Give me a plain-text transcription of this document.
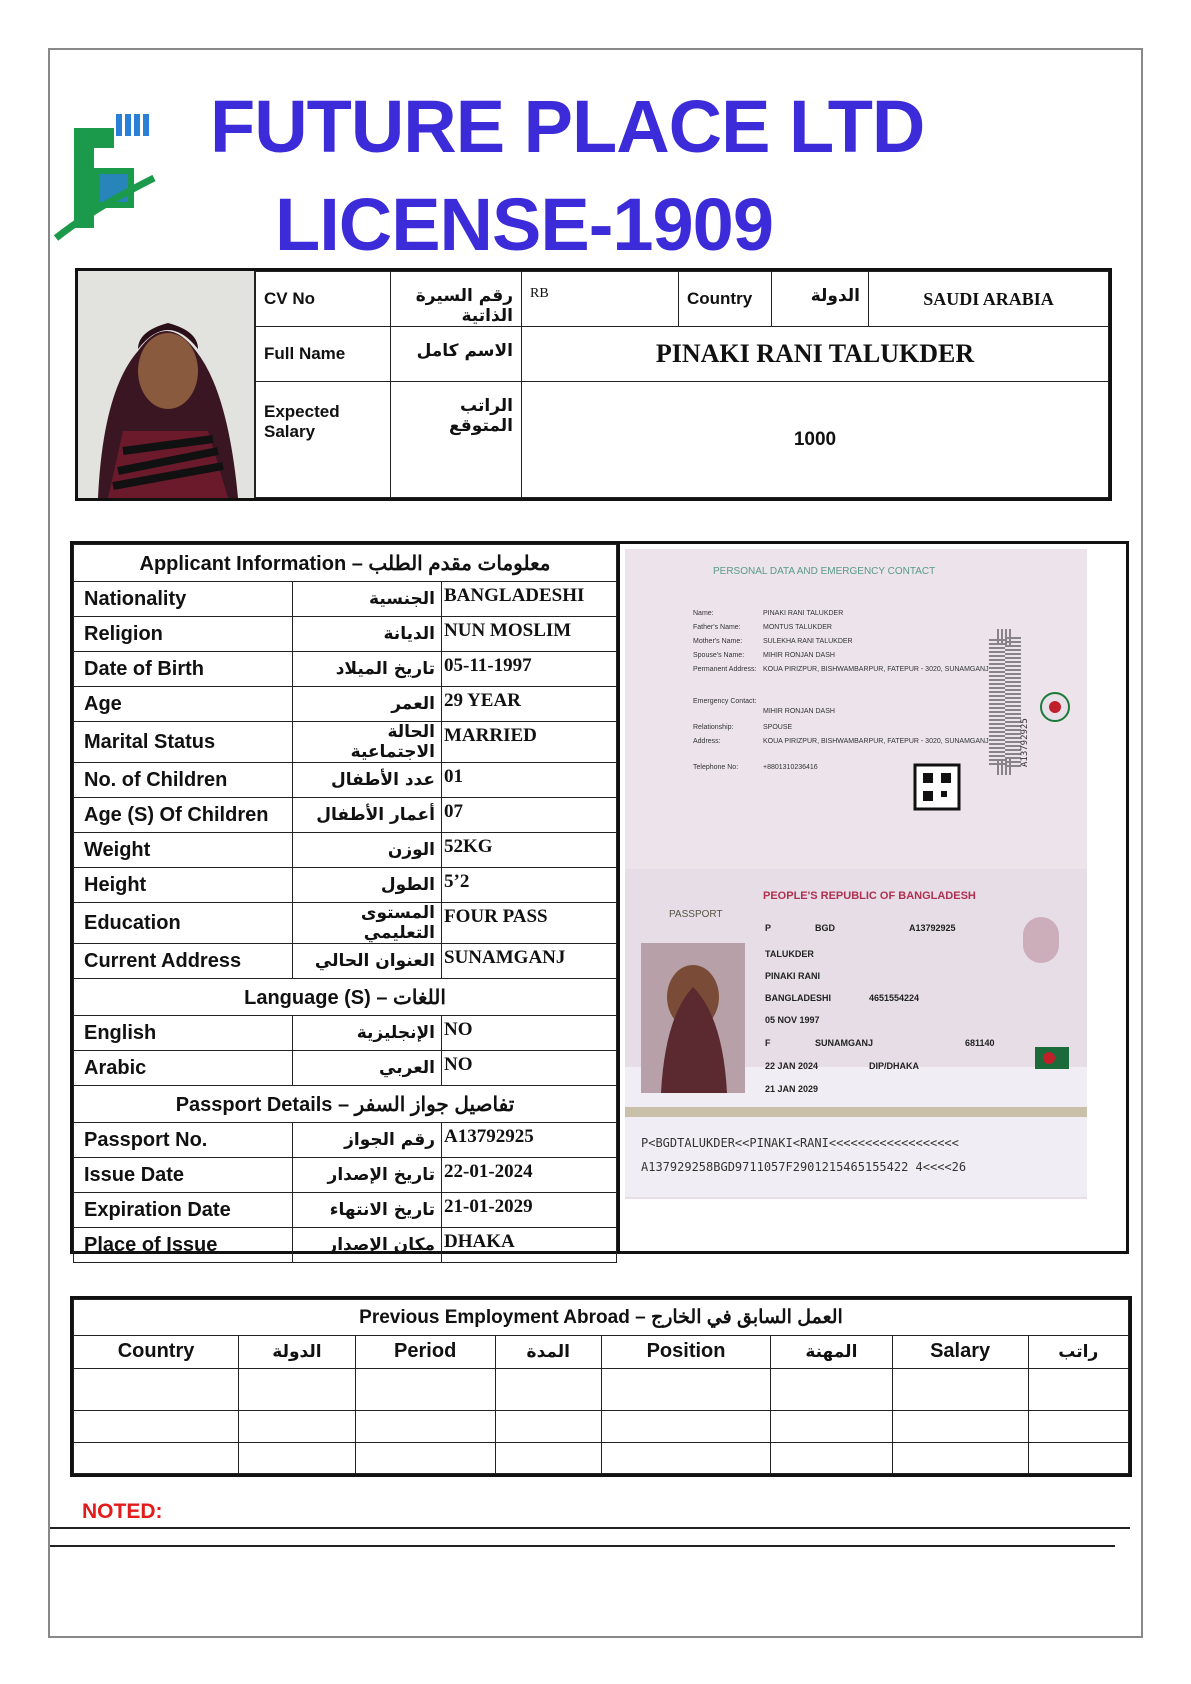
FUTURE PLACE LTD
LICENSE-1909
CV No	رقم السيرة الذاتية	RB	Country	الدولة	SAUDI ARABIA
Full Name	الاسم كامل	PINAKI RANI TALUKDER			
Expected Salary	الراتب المتوقع	1000			
Applicant Information – معلومات مقدم الطلب		
Nationality	الجنسية	BANGLADESHI
Religion	الديانة	NUN MOSLIM
Date of Birth	تاريخ الميلاد	05-11-1997
Age	العمر	29 YEAR
Marital Status	الحالة الاجتماعية	MARRIED
No. of Children	عدد الأطفال	01
Age (S) Of Children	أعمار الأطفال	07
Weight	الوزن	52KG
Height	الطول	5’2
Education	المستوى التعليمي	FOUR PASS
Current Address	العنوان الحالي	SUNAMGANJ
Language (S) – اللغات		
English	الإنجليزية	NO
Arabic	العربي	NO
Passport Details – تفاصيل جواز السفر		
Passport No.	رقم الجواز	A13792925
Issue Date	تاريخ الإصدار	22-01-2024
Expiration Date	تاريخ الانتهاء	21-01-2029
Place of Issue	مكان الإصدار	DHAKA
PERSONAL DATA AND EMERGENCY CONTACT
Name:	PINAKI RANI TALUKDER
Father's Name:	MONTUS TALUKDER
Mother's Name:	SULEKHA RANI TALUKDER
Spouse's Name:	MIHIR RONJAN DASH
Permanent Address: KOUA PIRIZPUR, BISHWAMBARPUR, FATEPUR - 3020, SUNAMGANJ
Emergency Contact:
MIHIR RONJAN DASH
Relationship:	SPOUSE
Address:	KOUA PIRIZPUR, BISHWAMBARPUR, FATEPUR - 3020, SUNAMGANJ
Telephone No:	+8801310236416
A13792925
PEOPLE'S REPUBLIC OF BANGLADESH
PASSPORT
P	BGD	A13792925
TALUKDER
PINAKI RANI
BANGLADESHI	4651554224
05 NOV 1997
F	SUNAMGANJ	681140
22 JAN 2024	DIP/DHAKA
21 JAN 2029
P<BGDTALUKDER<<PINAKI<RANI<<<<<<<<<<<<<<<<<<
A137929258BGD9711057F2901215465155422 4<<<<26
Previous Employment Abroad – العمل السابق في الخارج							
Country	الدولة	Period	المدة	Position	المهنة	Salary	راتب

NOTED:
